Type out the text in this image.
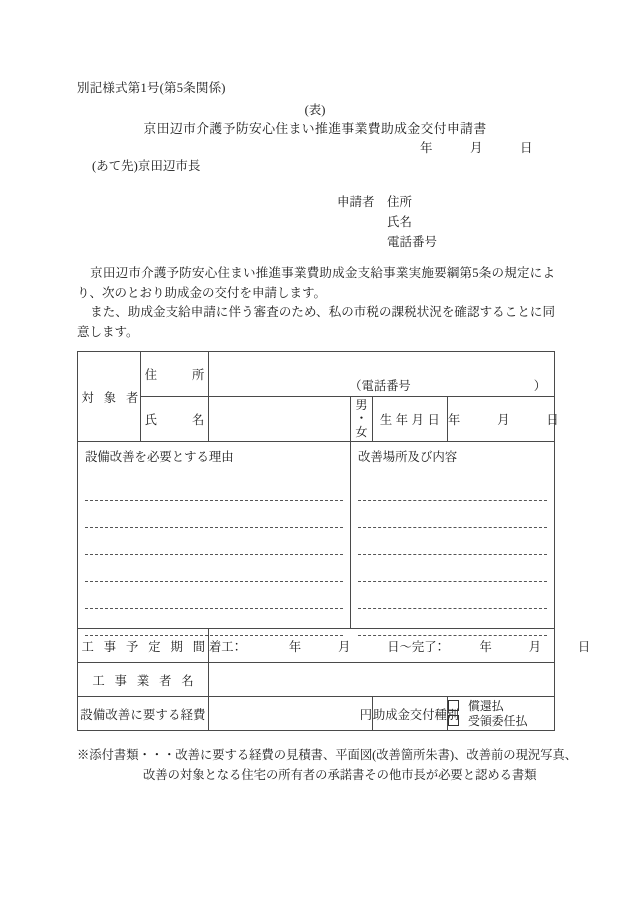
別記様式第1号(第5条関係)
(表)
京田辺市介護予防安心住まい推進事業費助成金交付申請書
年　　　月　　　日
(あて先)京田辺市長
申請者 住所
氏名
電話番号
京田辺市介護予防安心住まい推進事業費助成金支給事業実施要綱第5条の規定により、次のとおり助成金の交付を申請します。
また、助成金支給申請に伴う審査のため、私の市税の課税状況を確認することに同意します。
対 象 者	住　　所	（電話番号　　　　　　　　　　）			

	氏　　名		男
・
女	生 年 月 日	年　　　月　　　日

設備改善を必要とする理由			改善場所及び内容		

工 事 予 定 期 間		着工：　　　　年　　　月　　　日〜完了：　　　年　　　月　　　日			
工 事 業 者 名					
設備改善に要する経費		円		助成金交付種別	償還払
受領委任払
※添付書類・・・改善に要する経費の見積書、平面図(改善箇所朱書)、改善前の現況写真、
改善の対象となる住宅の所有者の承諾書その他市長が必要と認める書類
